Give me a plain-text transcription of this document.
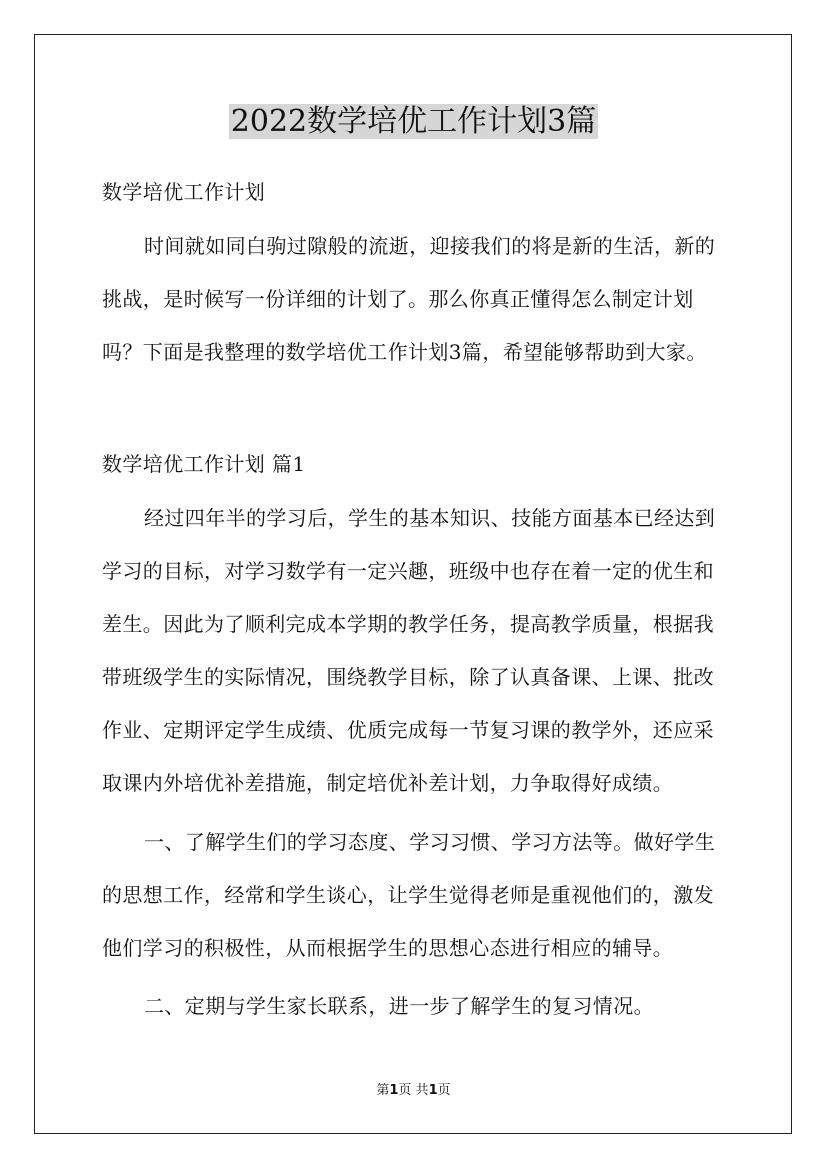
2022数学培优工作计划3篇

数学培优工作计划

时间就如同白驹过隙般的流逝，迎接我们的将是新的生活，新的挑战，是时候写一份详细的计划了。那么你真正懂得怎么制定计划吗？下面是我整理的数学培优工作计划3篇，希望能够帮助到大家。

数学培优工作计划 篇1

经过四年半的学习后，学生的基本知识、技能方面基本已经达到学习的目标，对学习数学有一定兴趣，班级中也存在着一定的优生和差生。因此为了顺利完成本学期的教学任务，提高教学质量，根据我带班级学生的实际情况，围绕教学目标，除了认真备课、上课、批改作业、定期评定学生成绩、优质完成每一节复习课的教学外，还应采取课内外培优补差措施，制定培优补差计划，力争取得好成绩。

一、了解学生们的学习态度、学习习惯、学习方法等。做好学生的思想工作，经常和学生谈心，让学生觉得老师是重视他们的，激发他们学习的积极性，从而根据学生的思想心态进行相应的辅导。

二、定期与学生家长联系，进一步了解学生的复习情况。

第1页 共1页
